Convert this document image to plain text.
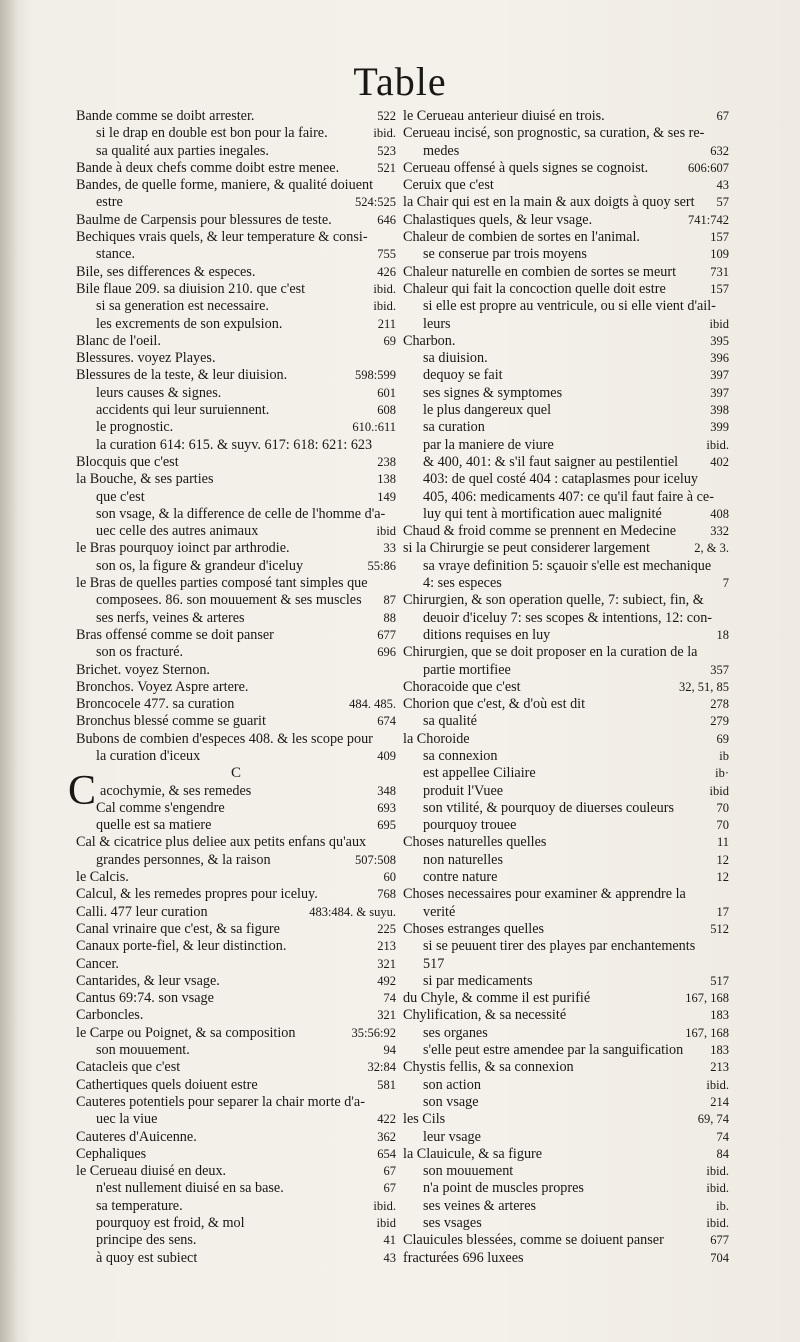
Table
Bande comme se doibt arrester.	522
si le drap en double est bon pour la faire.	ibid.
sa qualité aux parties inegales.	523
Bande à deux chefs comme doibt estre menee.	521
Bandes, de quelle forme, maniere, & qualité doiuent
estre	524:525
Baulme de Carpensis pour blessures de teste.	646
Bechiques vrais quels, & leur temperature & consi-
stance.	755
Bile, ses differences & especes.	426
Bile flaue 209. sa diuision 210. que c'est	ibid.
si sa generation est necessaire.	ibid.
les excrements de son expulsion.	211
Blanc de l'oeil.	69
Blessures. voyez Playes.
Blessures de la teste, & leur diuision.	598:599
leurs causes & signes.	601
accidents qui leur suruiennent.	608
le prognostic.	610.:611
la curation 614: 615. & suyv. 617: 618: 621: 623
Blocquis que c'est	238
la Bouche, & ses parties	138
que c'est	149
son vsage, & la difference de celle de l'homme d'a-
uec celle des autres animaux	ibid
le Bras pourquoy ioinct par arthrodie.	33
son os, la figure & grandeur d'iceluy	55:86
le Bras de quelles parties composé tant simples que
composees. 86. son mouuement & ses muscles	87
ses nerfs, veines & arteres	88
Bras offensé comme se doit panser	677
son os fracturé.	696
Brichet. voyez Sternon.
Bronchos. Voyez Aspre artere.
Broncocele 477. sa curation	484. 485.
Bronchus blessé comme se guarit	674
Bubons de combien d'especes 408. & les scope pour
la curation d'iceux	409
C
Cacochymie, & ses remedes	348
Cal comme s'engendre	693
quelle est sa matiere	695
Cal & cicatrice plus deliee aux petits enfans qu'aux
grandes personnes, & la raison	507:508
le Calcis.	60
Calcul, & les remedes propres pour iceluy.	768
Calli. 477 leur curation	483:484. & suyu.
Canal vrinaire que c'est, & sa figure	225
Canaux porte-fiel, & leur distinction.	213
Cancer.	321
Cantarides, & leur vsage.	492
Cantus 69:74. son vsage	74
Carboncles.	321
le Carpe ou Poignet, & sa composition	35:56:92
son mouuement.	94
Catacleis que c'est	32:84
Cathertiques quels doiuent estre	581
Cauteres potentiels pour separer la chair morte d'a-
uec la viue	422
Cauteres d'Auicenne.	362
Cephaliques	654
le Cerueau diuisé en deux.	67
n'est nullement diuisé en sa base.	67
sa temperature.	ibid.
pourquoy est froid, & mol	ibid
principe des sens.	41
à quoy est subiect	43
le Cerueau anterieur diuisé en trois.	67
Cerueau incisé, son prognostic, sa curation, & ses re-
medes	632
Cerueau offensé à quels signes se cognoist.	606:607
Ceruix que c'est	43
la Chair qui est en la main & aux doigts à quoy sert	57
Chalastiques quels, & leur vsage.	741:742
Chaleur de combien de sortes en l'animal.	157
se conserue par trois moyens	109
Chaleur naturelle en combien de sortes se meurt	731
Chaleur qui fait la concoction quelle doit estre	157
si elle est propre au ventricule, ou si elle vient d'ail-
leurs	ibid
Charbon.	395
sa diuision.	396
dequoy se fait	397
ses signes & symptomes	397
le plus dangereux quel	398
sa curation	399
par la maniere de viure	ibid.
& 400, 401: & s'il faut saigner au pestilentiel	402
403: de quel costé 404 : cataplasmes pour iceluy
405, 406: medicaments 407: ce qu'il faut faire à ce-
luy qui tent à mortification auec malignité	408
Chaud & froid comme se prennent en Medecine	332
si la Chirurgie se peut considerer largement	2, & 3.
sa vraye definition 5: sçauoir s'elle est mechanique
4: ses especes	7
Chirurgien, & son operation quelle, 7: subiect, fin, &
deuoir d'iceluy 7: ses scopes & intentions, 12: con-
ditions requises en luy	18
Chirurgien, que se doit proposer en la curation de la
partie mortifiee	357
Choracoide que c'est	32, 51, 85
Chorion que c'est, & d'où est dit	278
sa qualité	279
la Choroide	69
sa connexion	ib
est appellee Ciliaire	ib·
produit l'Vuee	ibid
son vtilité, & pourquoy de diuerses couleurs	70
pourquoy trouee	70
Choses naturelles quelles	11
non naturelles	12
contre nature	12
Choses necessaires pour examiner & apprendre la
verité	17
Choses estranges quelles	512
si se peuuent tirer des playes par enchantements
517
si par medicaments	517
du Chyle, & comme il est purifié	167, 168
Chylification, & sa necessité	183
ses organes	167, 168
s'elle peut estre amendee par la sanguification	183
Chystis fellis, & sa connexion	213
son action	ibid.
son vsage	214
les Cils	69, 74
leur vsage	74
la Clauicule, & sa figure	84
son mouuement	ibid.
n'a point de muscles propres	ibid.
ses veines & arteres	ib.
ses vsages	ibid.
Clauicules blessées, comme se doiuent panser	677
fracturées 696 luxees	704
